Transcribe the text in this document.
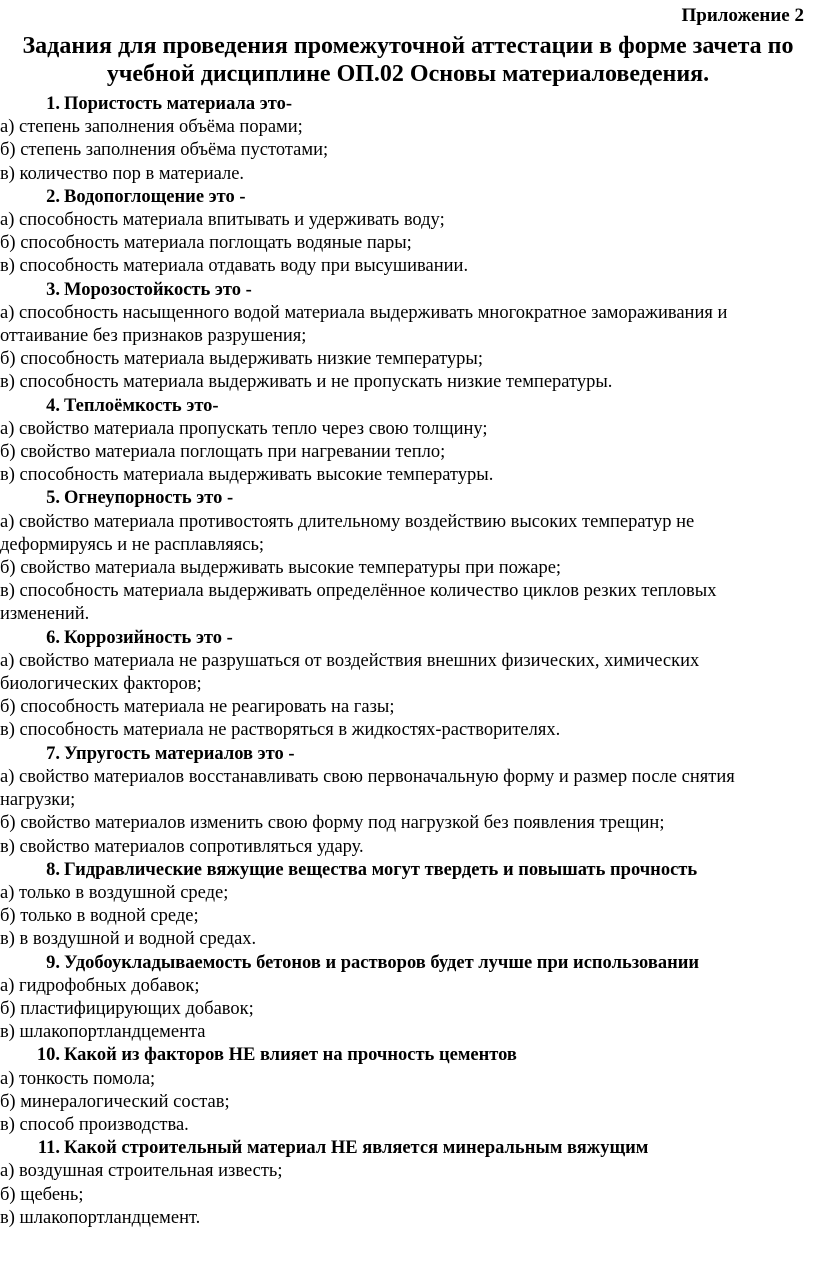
Приложение 2
Задания для проведения промежуточной аттестации в форме зачета по
учебной дисциплине ОП.02 Основы материаловедения.
1. Пористость материала это-
а) степень заполнения объёма порами;
б) степень заполнения объёма пустотами;
в) количество пор в материале.
2. Водопоглощение это -
а) способность материала впитывать и удерживать воду;
б) способность материала поглощать водяные пары;
в) способность материала отдавать воду при высушивании.
3. Морозостойкость это -
а) способность насыщенного водой материала выдерживать многократное замораживания и оттаивание без признаков разрушения;
б) способность материала выдерживать низкие температуры;
в) способность материала выдерживать и не пропускать низкие температуры.
4. Теплоёмкость это-
а) свойство материала пропускать тепло через свою толщину;
б) свойство материала поглощать при нагревании тепло;
в) способность материала выдерживать высокие температуры.
5. Огнеупорность это -
а) свойство материала противостоять длительному воздействию высоких температур не деформируясь и не расплавляясь;
б) свойство материала выдерживать высокие температуры при пожаре;
в) способность материала выдерживать определённое количество циклов резких тепловых изменений.
6. Коррозийность это -
а) свойство материала не разрушаться от воздействия внешних физических, химических биологических факторов;
б) способность материала не реагировать на газы;
в) способность материала не растворяться в жидкостях-растворителях.
7. Упругость материалов это -
а) свойство материалов восстанавливать свою первоначальную форму и размер после снятия нагрузки;
б) свойство материалов изменить свою форму под нагрузкой без появления трещин;
в) свойство материалов сопротивляться удару.
8. Гидравлические вяжущие вещества могут твердеть и повышать прочность
а) только в воздушной среде;
б) только в водной среде;
в) в воздушной и водной средах.
9. Удобоукладываемость бетонов и растворов будет лучше при использовании
а) гидрофобных добавок;
б) пластифицирующих добавок;
в) шлакопортландцемента
10. Какой из факторов НЕ влияет на прочность цементов
а) тонкость помола;
б) минералогический состав;
в) способ производства.
11. Какой строительный материал НЕ является минеральным вяжущим
а) воздушная строительная известь;
б) щебень;
в) шлакопортландцемент.
